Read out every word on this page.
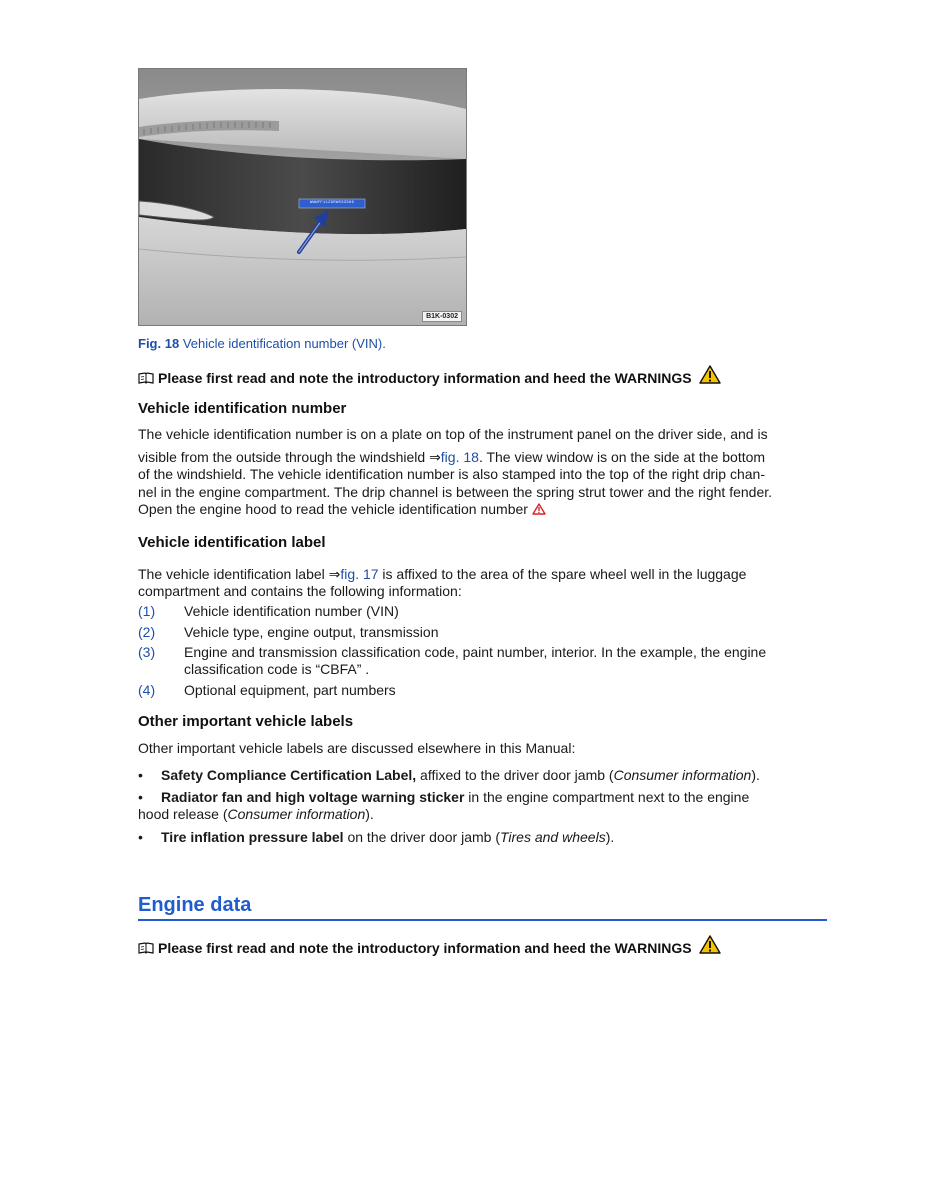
WWWFF11Z9RW033366
B1K-0302
Fig. 18 Vehicle identification number (VIN).
Please first read and note the introductory information and heed the WARNINGS
Vehicle identification number
The vehicle identification number is on a plate on top of the instrument panel on the driver side, and is
visible from the outside through the windshield ⇒fig. 18. The view window is on the side at the bottom
of the windshield. The vehicle identification number is also stamped into the top of the right drip chan-
nel in the engine compartment. The drip channel is between the spring strut tower and the right fender.
Open the engine hood to read the vehicle identification number
Vehicle identification label
The vehicle identification label ⇒fig. 17 is affixed to the area of the spare wheel well in the luggage
compartment and contains the following information:
(1) Vehicle identification number (VIN)
(2) Vehicle type, engine output, transmission
(3) Engine and transmission classification code, paint number, interior. In the example, the engine
classification code is “CBFA” .
(4) Optional equipment, part numbers
Other important vehicle labels
Other important vehicle labels are discussed elsewhere in this Manual:
• Safety Compliance Certification Label, affixed to the driver door jamb (Consumer information).
• Radiator fan and high voltage warning sticker in the engine compartment next to the engine
hood release (Consumer information).
• Tire inflation pressure label on the driver door jamb (Tires and wheels).
Engine data
Please first read and note the introductory information and heed the WARNINGS
